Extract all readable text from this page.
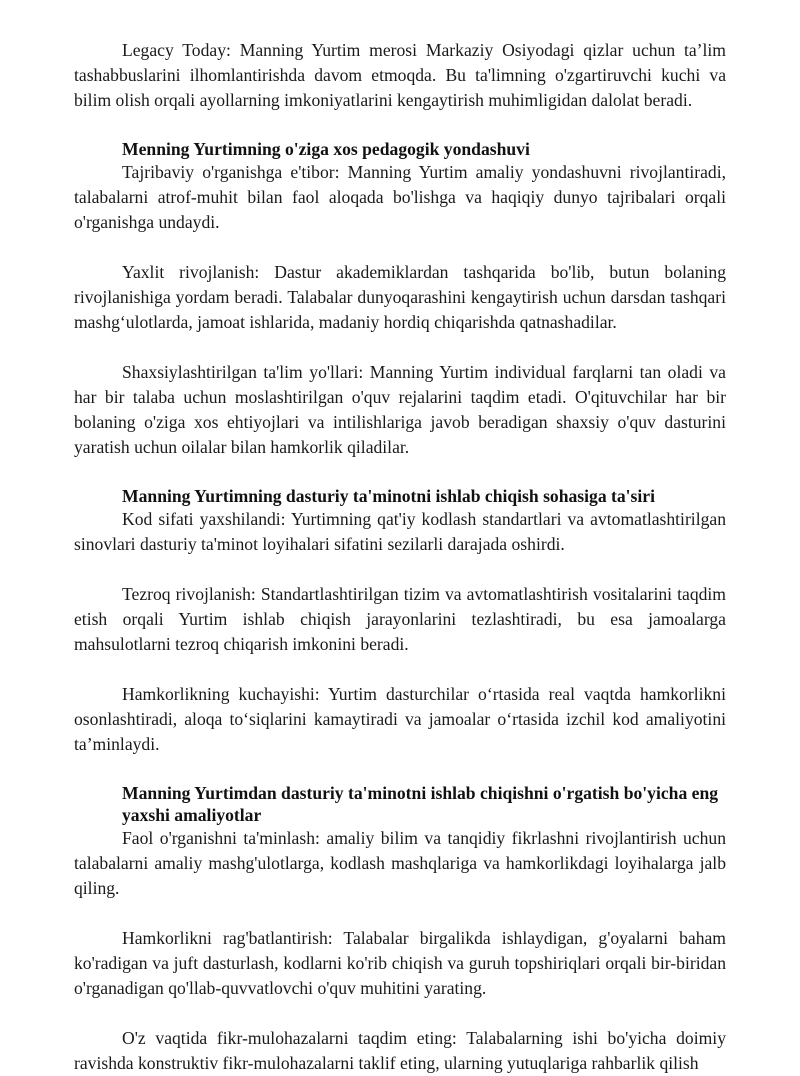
Legacy Today: Manning Yurtim merosi Markaziy Osiyodagi qizlar uchun ta’lim tashabbuslarini ilhomlantirishda davom etmoqda. Bu ta'limning o'zgartiruvchi kuchi va bilim olish orqali ayollarning imkoniyatlarini kengaytirish muhimligidan dalolat beradi.

Menning Yurtimning o'ziga xos pedagogik yondashuvi

Tajribaviy o'rganishga e'tibor: Manning Yurtim amaliy yondashuvni rivojlantiradi, talabalarni atrof-muhit bilan faol aloqada bo'lishga va haqiqiy dunyo tajribalari orqali o'rganishga undaydi.

Yaxlit rivojlanish: Dastur akademiklardan tashqarida bo'lib, butun bolaning rivojlanishiga yordam beradi. Talabalar dunyoqarashini kengaytirish uchun darsdan tashqari mashg‘ulotlarda, jamoat ishlarida, madaniy hordiq chiqarishda qatnashadilar.

Shaxsiylashtirilgan ta'lim yo'llari: Manning Yurtim individual farqlarni tan oladi va har bir talaba uchun moslashtirilgan o'quv rejalarini taqdim etadi. O'qituvchilar har bir bolaning o'ziga xos ehtiyojlari va intilishlariga javob beradigan shaxsiy o'quv dasturini yaratish uchun oilalar bilan hamkorlik qiladilar.

Manning Yurtimning dasturiy ta'minotni ishlab chiqish sohasiga ta'siri

Kod sifati yaxshilandi: Yurtimning qat'iy kodlash standartlari va avtomatlashtirilgan sinovlari dasturiy ta'minot loyihalari sifatini sezilarli darajada oshirdi.

Tezroq rivojlanish: Standartlashtirilgan tizim va avtomatlashtirish vositalarini taqdim etish orqali Yurtim ishlab chiqish jarayonlarini tezlashtiradi, bu esa jamoalarga mahsulotlarni tezroq chiqarish imkonini beradi.

Hamkorlikning kuchayishi: Yurtim dasturchilar o‘rtasida real vaqtda hamkorlikni osonlashtiradi, aloqa to‘siqlarini kamaytiradi va jamoalar o‘rtasida izchil kod amaliyotini ta’minlaydi.

Manning Yurtimdan dasturiy ta'minotni ishlab chiqishni o'rgatish bo'yicha eng yaxshi amaliyotlar

Faol o'rganishni ta'minlash: amaliy bilim va tanqidiy fikrlashni rivojlantirish uchun talabalarni amaliy mashg'ulotlarga, kodlash mashqlariga va hamkorlikdagi loyihalarga jalb qiling.

Hamkorlikni rag'batlantirish: Talabalar birgalikda ishlaydigan, g'oyalarni baham ko'radigan va juft dasturlash, kodlarni ko'rib chiqish va guruh topshiriqlari orqali bir-biridan o'rganadigan qo'llab-quvvatlovchi o'quv muhitini yarating.

O'z vaqtida fikr-mulohazalarni taqdim eting: Talabalarning ishi bo'yicha doimiy ravishda konstruktiv fikr-mulohazalarni taklif eting, ularning yutuqlariga rahbarlik qilish
